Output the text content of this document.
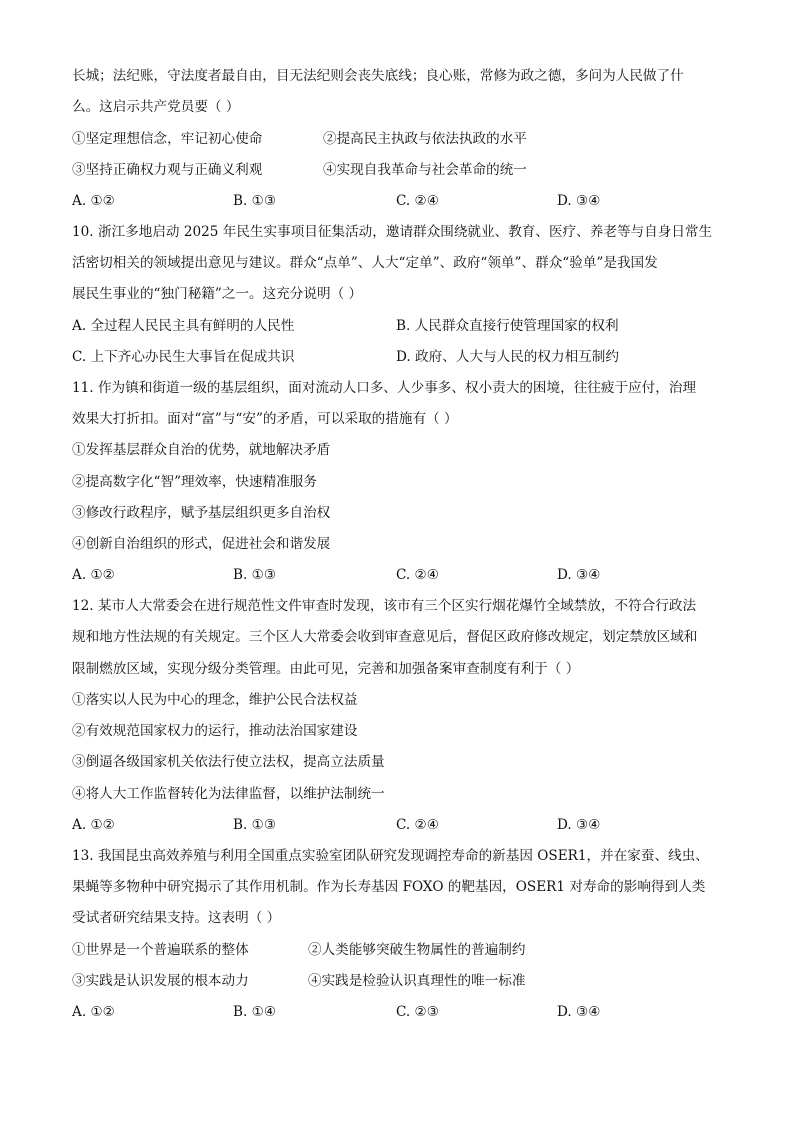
长城；法纪账，守法度者最自由，目无法纪则会丧失底线；良心账，常修为政之德，多问为人民做了什
么。这启示共产党员要（ ）
①坚定理想信念，牢记初心使命	②提高民主执政与依法执政的水平
③坚持正确权力观与正确义利观	④实现自我革命与社会革命的统一
A. ①②	B. ①③	C. ②④	D. ③④
10. 浙江多地启动 2025 年民生实事项目征集活动，邀请群众围绕就业、教育、医疗、养老等与自身日常生
活密切相关的领域提出意见与建议。群众“点单”、人大“定单”、政府“领单”、群众“验单”是我国发
展民生事业的“独门秘籍”之一。这充分说明（ ）
A. 全过程人民民主具有鲜明的人民性	B. 人民群众直接行使管理国家的权利
C. 上下齐心办民生大事旨在促成共识	D. 政府、人大与人民的权力相互制约
11. 作为镇和街道一级的基层组织，面对流动人口多、人少事多、权小责大的困境，往往疲于应付，治理
效果大打折扣。面对“富”与“安”的矛盾，可以采取的措施有（ ）
①发挥基层群众自治的优势，就地解决矛盾
②提高数字化“智”理效率，快速精准服务
③修改行政程序，赋予基层组织更多自治权
④创新自治组织的形式，促进社会和谐发展
A. ①②	B. ①③	C. ②④	D. ③④
12. 某市人大常委会在进行规范性文件审查时发现，该市有三个区实行烟花爆竹全域禁放，不符合行政法
规和地方性法规的有关规定。三个区人大常委会收到审查意见后，督促区政府修改规定，划定禁放区域和
限制燃放区域，实现分级分类管理。由此可见，完善和加强备案审查制度有利于（ ）
①落实以人民为中心的理念，维护公民合法权益
②有效规范国家权力的运行，推动法治国家建设
③倒逼各级国家机关依法行使立法权，提高立法质量
④将人大工作监督转化为法律监督，以维护法制统一
A. ①②	B. ①③	C. ②④	D. ③④
13. 我国昆虫高效养殖与利用全国重点实验室团队研究发现调控寿命的新基因 OSER1，并在家蚕、线虫、
果蝇等多物种中研究揭示了其作用机制。作为长寿基因 FOXO 的靶基因，OSER1 对寿命的影响得到人类
受试者研究结果支持。这表明（ ）
①世界是一个普遍联系的整体	②人类能够突破生物属性的普遍制约
③实践是认识发展的根本动力	④实践是检验认识真理性的唯一标准
A. ①②	B. ①④	C. ②③	D. ③④
